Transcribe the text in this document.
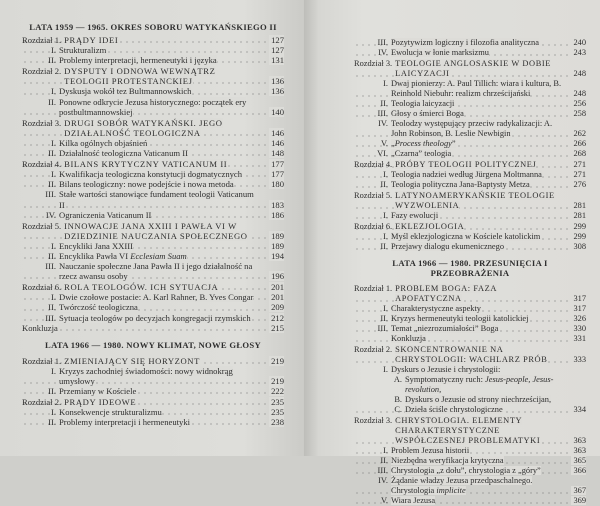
LATA 1959 — 1965. OKRES SOBORU WATYKAŃSKIEGO II
Rozdział 1. PRĄDY IDEI	127
I. Strukturalizm	127
II. Problemy interpretacji, hermeneutyki i języka	131
Rozdział 2. DYSPUTY I ODNOWA WEWNĄTRZ TEOLOGII PROTESTANCKIEJ	136
I. Dyskusja wokół tez Bultmannowskich	136
II. Ponowne odkrycie Jezusa historycznego: początek ery postbultmannowskiej	140
Rozdział 3. DRUGI SOBÓR WATYKAŃSKI. JEGO DZIAŁALNOŚĆ TEOLOGICZNA	146
I. Kilka ogólnych objaśnień	146
II. Działalność teologiczna Vaticanum II	148
Rozdział 4. BILANS KRYTYCZNY VATICANUM II	177
I. Kwalifikacja teologiczna konstytucji dogmatycznych	177
II. Bilans teologiczny: nowe podejście i nowa metoda	180
III. Stałe wartości stanowiące fundament teologii Vaticanum II	183
IV. Ograniczenia Vaticanum II	186
Rozdział 5. INNOWACJE JANA XXIII I PAWŁA VI W DZIEDZINIE NAUCZANIA SPOŁECZNEGO	189
I. Encykliki Jana XXIII	189
II. Encyklika Pawła VI Ecclesiam Suam	194
III. Nauczanie społeczne Jana Pawła II i jego działalność na rzecz awansu osoby	196
Rozdział 6. ROLA TEOLOGÓW. ICH SYTUACJA	201
I. Dwie czołowe postacie: A. Karl Rahner, B. Yves Congar	201
II. Twórczość teologiczna	209
III. Sytuacja teologów po decyzjach kongregacji rzymskich	212
Konkluzja	215
LATA 1966 — 1980. NOWY KLIMAT, NOWE GŁOSY
Rozdział 1. ZMIENIAJĄCY SIĘ HORYZONT	219
I. Kryzys zachodniej świadomości: nowy widnokrąg umysłowy	219
II. Przemiany w Kościele	222
Rozdział 2. PRĄDY IDEOWE	235
I. Konsekwencje strukturalizmu	235
II. Problemy interpretacji i hermeneutyki	238
III. Pozytywizm logiczny i filozofia analityczna	240
IV. Ewolucja w łonie marksizmu	243
Rozdział 3. TEOLOGIE ANGLOSASKIE W DOBIE LAICYZACJI	248
I. Dwaj pionierzy: A. Paul Tillich: wiara i kultura, B. Reinhold Niebuhr: realizm chrześcijański	248
II. Teologia laicyzacji	256
III. Głosy o śmierci Boga	258
IV. Teolodzy występujący przeciw radykalizacji: A. John Robinson, B. Leslie Newbigin	262
V. „Process theology”	266
VI. „Czarna” teologia	268
Rozdział 4. PRÓBY TEOLOGII POLITYCZNEJ	271
I. Teologia nadziei według Jürgena Moltmanna	271
II. Teologia polityczna Jana-Baptysty Metza	276
Rozdział 5. LATYNOAMERYKAŃSKIE TEOLOGIE WYZWOLENIA	281
I. Fazy ewolucji	281
Rozdział 6. EKLEZJOLOGIA	299
I. Myśl eklezjologiczna w Kościele katolickim	299
II. Przejawy dialogu ekumenicznego	308
LATA 1966 — 1980. PRZESUNIĘCIA I PRZEOBRAŻENIA
Rozdział 1. PROBLEM BOGA: FAZA APOFATYCZNA	317
I. Charakterystyczne aspekty	317
II. Kryzys hermeneutyki teologii katolickiej	326
III. Temat „niezrozumiałości” Boga	330
Konkluzja	331
Rozdział 2. SKONCENTROWANIE NA CHRYSTOLOGII: WACHLARZ PRÓB	333
I. Dyskurs o Jezusie i chrystologii:
A. Symptomatyczny ruch: Jesus-people, Jesus-revolution,
B. Dyskurs o Jezusie od strony niechrześcijan,
C. Dzieła ściśle chrystologiczne	334
Rozdział 3. CHRYSTOLOGIA. ELEMENTY CHARAKTERYSTYCZNE WSPÓŁCZESNEJ PROBLEMATYKI	363
I. Problem Jezusa historii	363
II. Niezbędna weryfikacja krytyczna	365
III. Chrystologia „z dołu”, chrystologia z „góry”	366
IV. Żądanie władzy Jezusa przedpaschalnego. Chrystologia implicite	367
V. Wiara Jezusa	369
